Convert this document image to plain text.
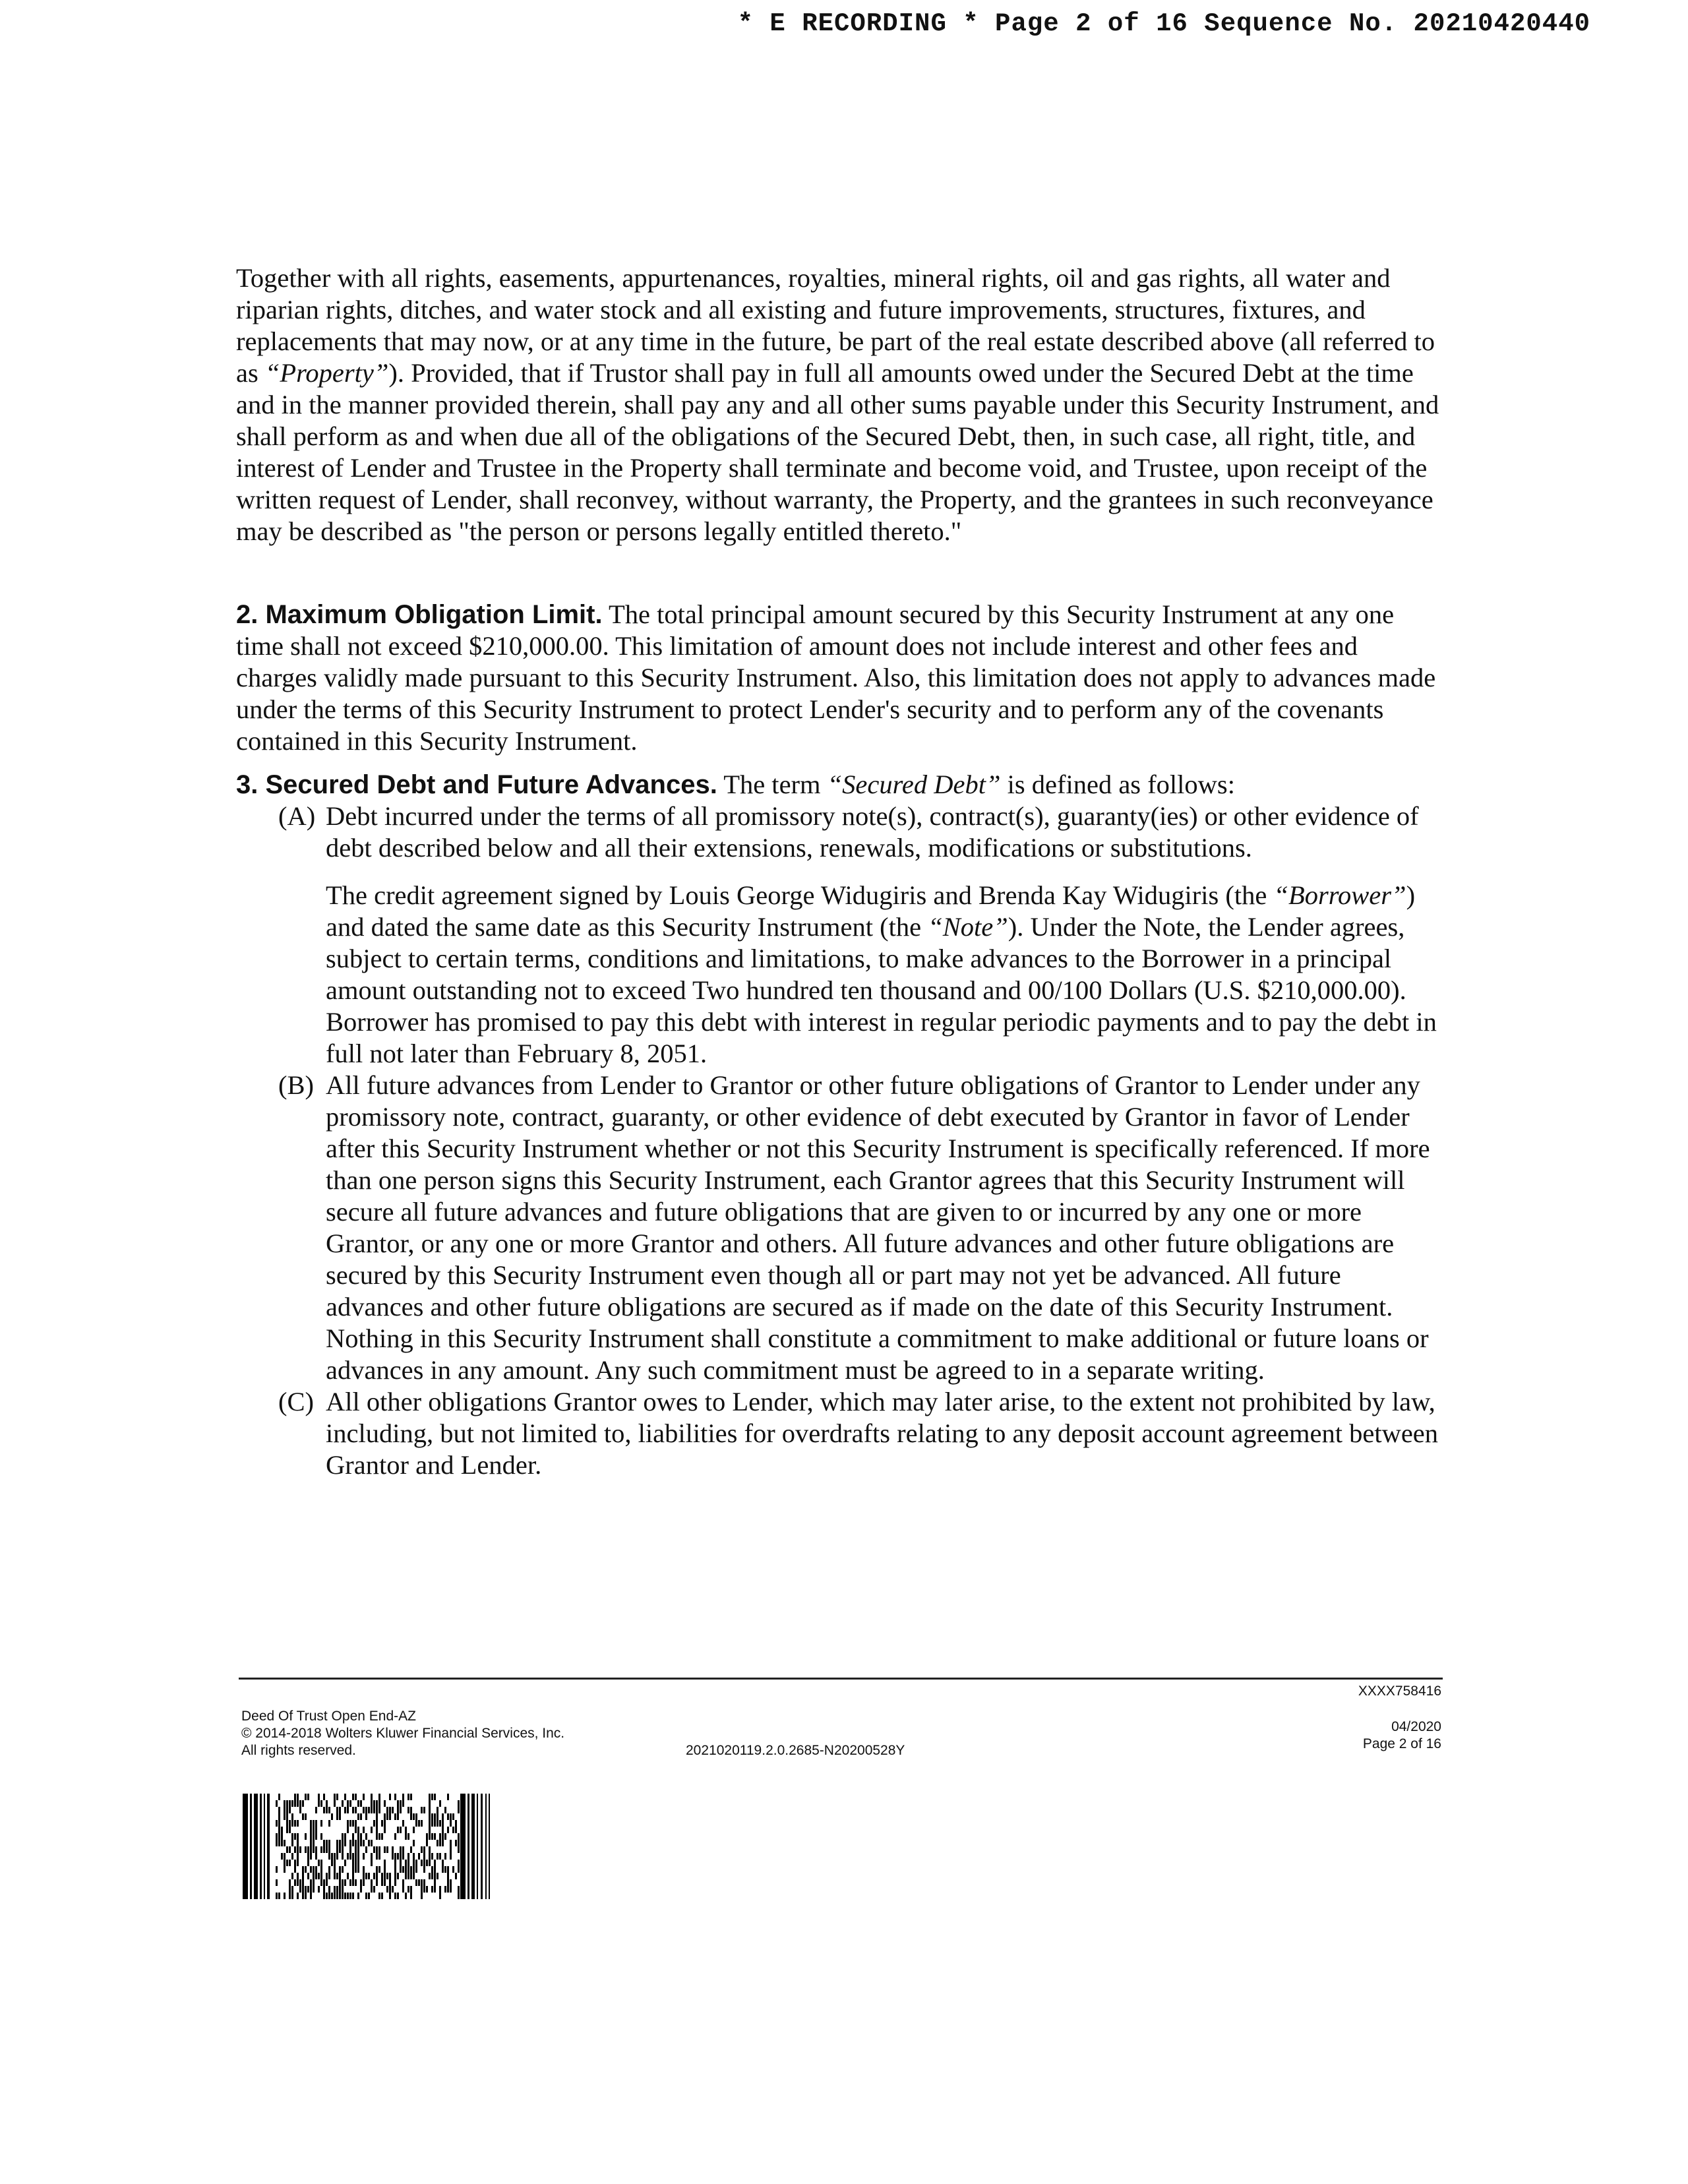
* E RECORDING * Page 2 of 16 Sequence No. 20210420440

Together with all rights, easements, appurtenances, royalties, mineral rights, oil and gas rights, all water and riparian rights, ditches, and water stock and all existing and future improvements, structures, fixtures, and replacements that may now, or at any time in the future, be part of the real estate described above (all referred to as “Property”). Provided, that if Trustor shall pay in full all amounts owed under the Secured Debt at the time and in the manner provided therein, shall pay any and all other sums payable under this Security Instrument, and shall perform as and when due all of the obligations of the Secured Debt, then, in such case, all right, title, and interest of Lender and Trustee in the Property shall terminate and become void, and Trustee, upon receipt of the written request of Lender, shall reconvey, without warranty, the Property, and the grantees in such reconveyance may be described as "the person or persons legally entitled thereto."

2. Maximum Obligation Limit. The total principal amount secured by this Security Instrument at any one time shall not exceed $210,000.00. This limitation of amount does not include interest and other fees and charges validly made pursuant to this Security Instrument. Also, this limitation does not apply to advances made under the terms of this Security Instrument to protect Lender's security and to perform any of the covenants contained in this Security Instrument.

3. Secured Debt and Future Advances. The term “Secured Debt” is defined as follows:

(A) Debt incurred under the terms of all promissory note(s), contract(s), guaranty(ies) or other evidence of debt described below and all their extensions, renewals, modifications or substitutions.

The credit agreement signed by Louis George Widugiris and Brenda Kay Widugiris (the “Borrower”) and dated the same date as this Security Instrument (the “Note”). Under the Note, the Lender agrees, subject to certain terms, conditions and limitations, to make advances to the Borrower in a principal amount outstanding not to exceed Two hundred ten thousand and 00/100 Dollars (U.S. $210,000.00). Borrower has promised to pay this debt with interest in regular periodic payments and to pay the debt in full not later than February 8, 2051.

(B) All future advances from Lender to Grantor or other future obligations of Grantor to Lender under any promissory note, contract, guaranty, or other evidence of debt executed by Grantor in favor of Lender after this Security Instrument whether or not this Security Instrument is specifically referenced. If more than one person signs this Security Instrument, each Grantor agrees that this Security Instrument will secure all future advances and future obligations that are given to or incurred by any one or more Grantor, or any one or more Grantor and others. All future advances and other future obligations are secured by this Security Instrument even though all or part may not yet be advanced. All future advances and other future obligations are secured as if made on the date of this Security Instrument. Nothing in this Security Instrument shall constitute a commitment to make additional or future loans or advances in any amount. Any such commitment must be agreed to in a separate writing.

(C) All other obligations Grantor owes to Lender, which may later arise, to the extent not prohibited by law, including, but not limited to, liabilities for overdrafts relating to any deposit account agreement between Grantor and Lender.

Deed Of Trust Open End-AZ
© 2014-2018 Wolters Kluwer Financial Services, Inc.
All rights reserved.	2021020119.2.0.2685-N20200528Y
XXXX758416
04/2020
Page 2 of 16
